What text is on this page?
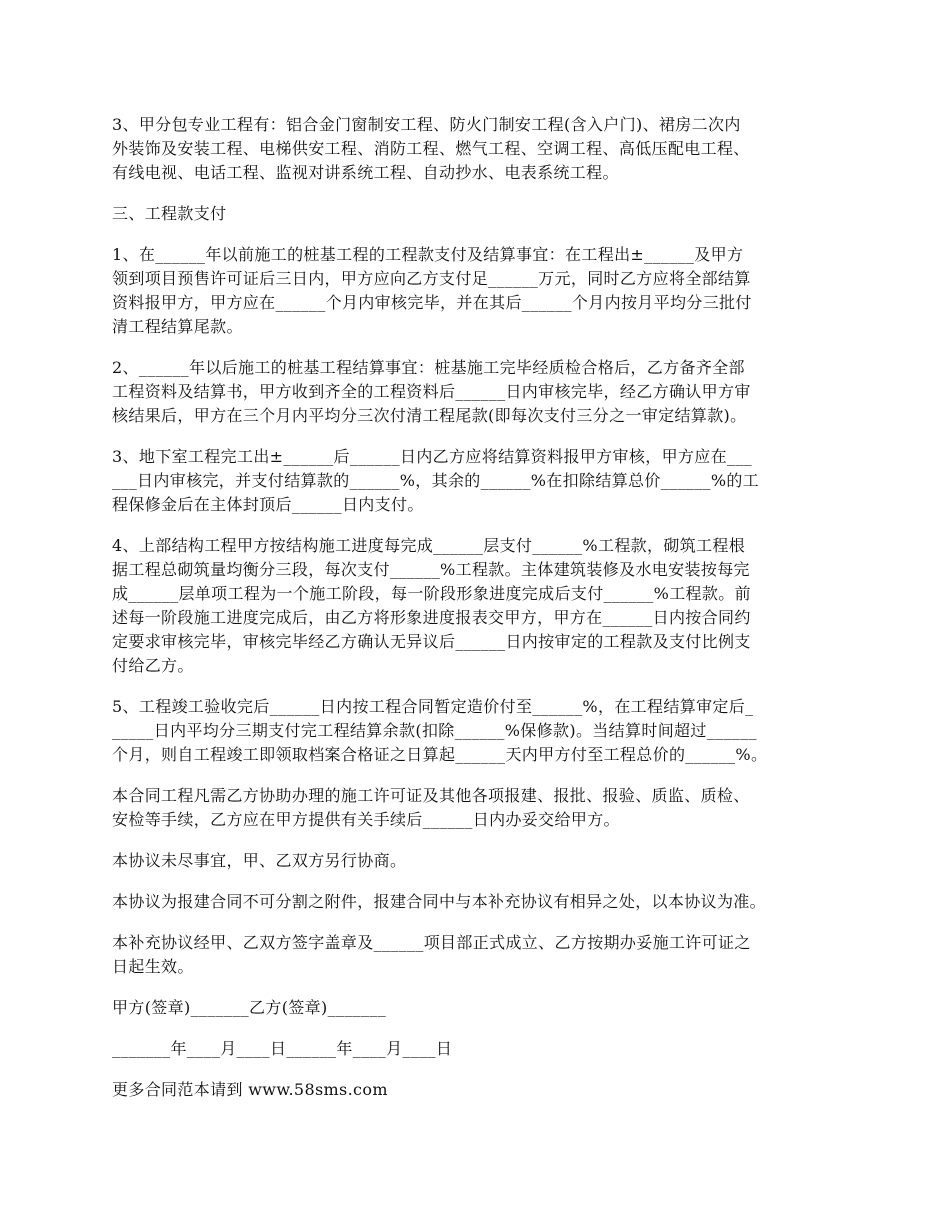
3、甲分包专业工程有：铝合金门窗制安工程、防火门制安工程(含入户门)、裙房二次内
外装饰及安装工程、电梯供安工程、消防工程、燃气工程、空调工程、高低压配电工程、
有线电视、电话工程、监视对讲系统工程、自动抄水、电表系统工程。

三、工程款支付

1、在______年以前施工的桩基工程的工程款支付及结算事宜：在工程出±______及甲方
领到项目预售许可证后三日内，甲方应向乙方支付足______万元，同时乙方应将全部结算
资料报甲方，甲方应在______个月内审核完毕，并在其后______个月内按月平均分三批付
清工程结算尾款。

2、______年以后施工的桩基工程结算事宜：桩基施工完毕经质检合格后，乙方备齐全部
工程资料及结算书，甲方收到齐全的工程资料后______日内审核完毕，经乙方确认甲方审
核结果后，甲方在三个月内平均分三次付清工程尾款(即每次支付三分之一审定结算款)。

3、地下室工程完工出±______后______日内乙方应将结算资料报甲方审核，甲方应在___
___日内审核完，并支付结算款的______%，其余的______%在扣除结算总价______%的工
程保修金后在主体封顶后______日内支付。

4、上部结构工程甲方按结构施工进度每完成______层支付______%工程款，砌筑工程根
据工程总砌筑量均衡分三段，每次支付______%工程款。主体建筑装修及水电安装按每完
成______层单项工程为一个施工阶段，每一阶段形象进度完成后支付______%工程款。前
述每一阶段施工进度完成后，由乙方将形象进度报表交甲方，甲方在______日内按合同约
定要求审核完毕，审核完毕经乙方确认无异议后______日内按审定的工程款及支付比例支
付给乙方。

5、工程竣工验收完后______日内按工程合同暂定造价付至______%，在工程结算审定后_
_____日内平均分三期支付完工程结算余款(扣除______%保修款)。当结算时间超过______
个月，则自工程竣工即领取档案合格证之日算起______天内甲方付至工程总价的______%。

本合同工程凡需乙方协助办理的施工许可证及其他各项报建、报批、报验、质监、质检、
安检等手续，乙方应在甲方提供有关手续后______日内办妥交给甲方。

本协议未尽事宜，甲、乙双方另行协商。

本协议为报建合同不可分割之附件，报建合同中与本补充协议有相异之处，以本协议为准。

本补充协议经甲、乙双方签字盖章及______项目部正式成立、乙方按期办妥施工许可证之
日起生效。

甲方(签章)_______乙方(签章)_______

_______年____月____日______年____月____日

更多合同范本请到 www.58sms.com
